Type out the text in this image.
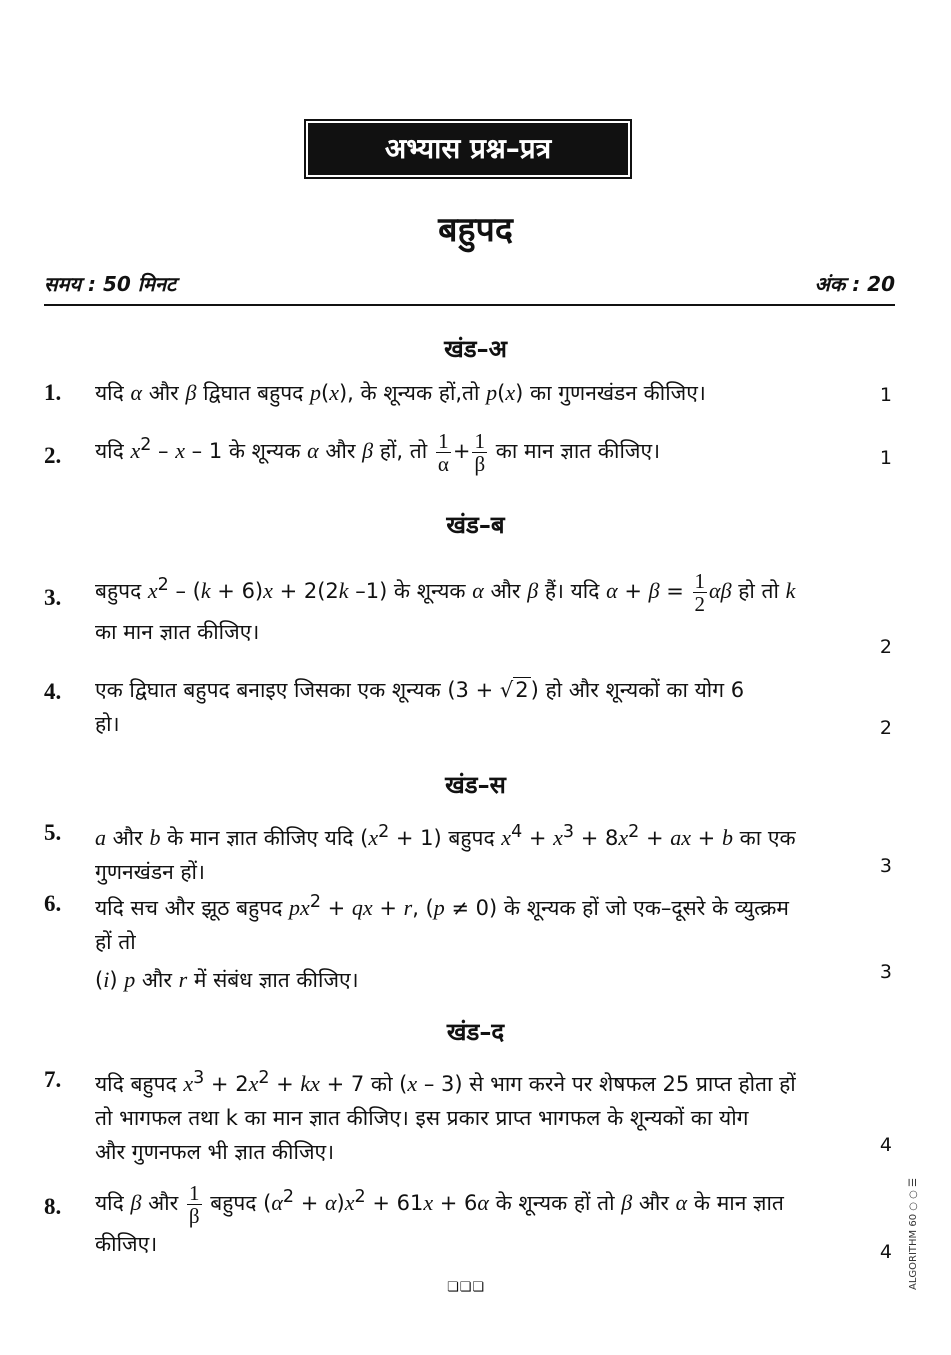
अभ्यास प्रश्न–प्रत्र
बहुपद
समय : 50 मिनट	अंक : 20
खंड–अ
1. यदि α और β द्विघात बहुपद p(x), के शून्यक हों,तो p(x) का गुणनखंडन कीजिए।	1
2. यदि $x^2$ – x – 1 के शून्यक α और β हों, तो $\frac{1}{\alpha} + \frac{1}{\beta}$ का मान ज्ञात कीजिए।	1
खंड–ब
3. बहुपद $x^2 - (k + 6)x + 2(2k$ –1) के शून्यक α और β हैं। यदि $\alpha + \beta = \frac{1}{2}$ αβ हो तो k
का मान ज्ञात कीजिए।
2
4. एक द्विघात बहुपद बनाइए जिसका एक शून्यक (3 + √2) हो और शून्यकों का योग 6
हो।	2
खंड–स
5. a और b के मान ज्ञात कीजिए यदि $(x^2 + 1)$ बहुपद $x^4 + x^3 + 8x^2$ + ax + b का एक
गुणनखंडन हों।	3
6. यदि सच और झूठ बहुपद $px^2$ + qx + r, (p ≠ 0) के शून्यक हों जो एक–दूसरे के व्युत्क्रम
हों तो
(i) p और r में संबंध ज्ञात कीजिए।	3
खंड–द
7. यदि बहुपद $x^3 + 2x^2$ + kx + 7 को (x – 3) से भाग करने पर शेषफल 25 प्राप्त होता हों
तो भागफल तथा k का मान ज्ञात कीजिए। इस प्रकार प्राप्त भागफल के शून्यकों का योग
और गुणनफल भी ज्ञात कीजिए।	4
8. यदि β और $\frac{1}{\beta}$ बहुपद $(\alpha^2 + \alpha)x^2 + 61x + 6\alpha$ के शून्यक हों तो β और α के मान ज्ञात
कीजिए।	4
❏❏❏	ALGORITHM 60 ○ ○ ☰
